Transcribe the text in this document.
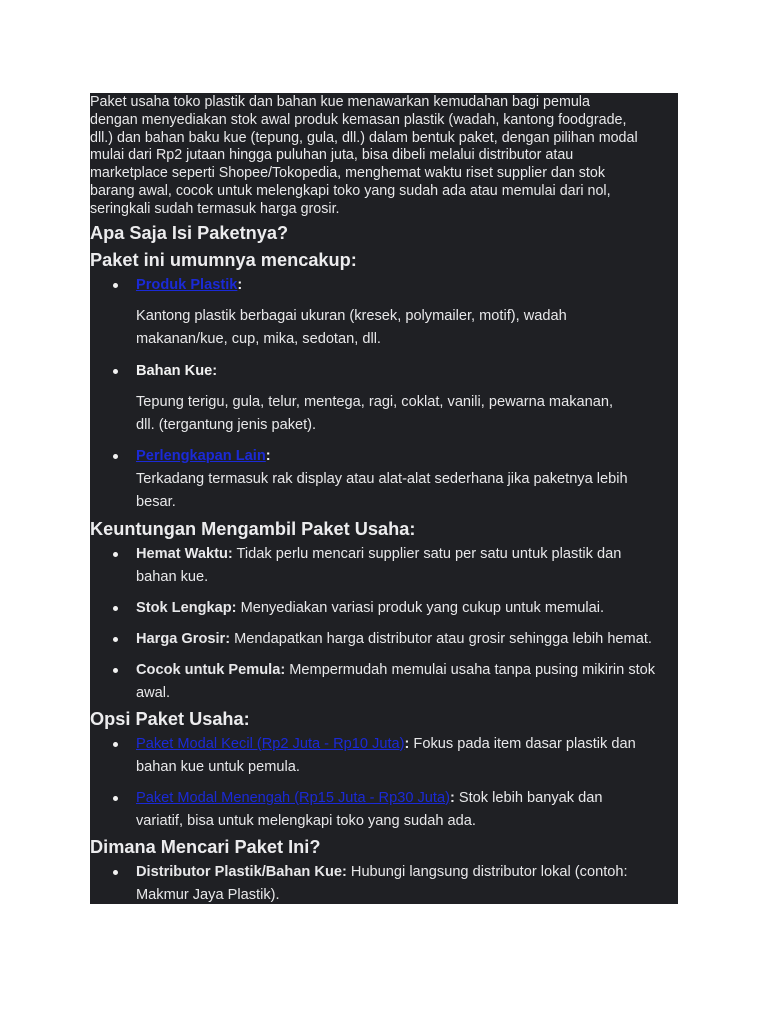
Paket usaha toko plastik dan bahan kue menawarkan kemudahan bagi pemula
dengan menyediakan stok awal produk kemasan plastik (wadah, kantong foodgrade,
dll.) dan bahan baku kue (tepung, gula, dll.) dalam bentuk paket, dengan pilihan modal
mulai dari Rp2 jutaan hingga puluhan juta, bisa dibeli melalui distributor atau
marketplace seperti Shopee/Tokopedia, menghemat waktu riset supplier dan stok
barang awal, cocok untuk melengkapi toko yang sudah ada atau memulai dari nol,
seringkali sudah termasuk harga grosir.
Apa Saja Isi Paketnya?
Paket ini umumnya mencakup:
Produk Plastik:
Kantong plastik berbagai ukuran (kresek, polymailer, motif), wadah
makanan/kue, cup, mika, sedotan, dll.
Bahan Kue:
Tepung terigu, gula, telur, mentega, ragi, coklat, vanili, pewarna makanan,
dll. (tergantung jenis paket).
Perlengkapan Lain:
Terkadang termasuk rak display atau alat-alat sederhana jika paketnya lebih
besar.
Keuntungan Mengambil Paket Usaha:
Hemat Waktu: Tidak perlu mencari supplier satu per satu untuk plastik dan
bahan kue.
Stok Lengkap: Menyediakan variasi produk yang cukup untuk memulai.
Harga Grosir: Mendapatkan harga distributor atau grosir sehingga lebih hemat.
Cocok untuk Pemula: Mempermudah memulai usaha tanpa pusing mikirin stok
awal.
Opsi Paket Usaha:
Paket Modal Kecil (Rp2 Juta - Rp10 Juta): Fokus pada item dasar plastik dan
bahan kue untuk pemula.
Paket Modal Menengah (Rp15 Juta - Rp30 Juta): Stok lebih banyak dan
variatif, bisa untuk melengkapi toko yang sudah ada.
Dimana Mencari Paket Ini?
Distributor Plastik/Bahan Kue: Hubungi langsung distributor lokal (contoh:
Makmur Jaya Plastik).
